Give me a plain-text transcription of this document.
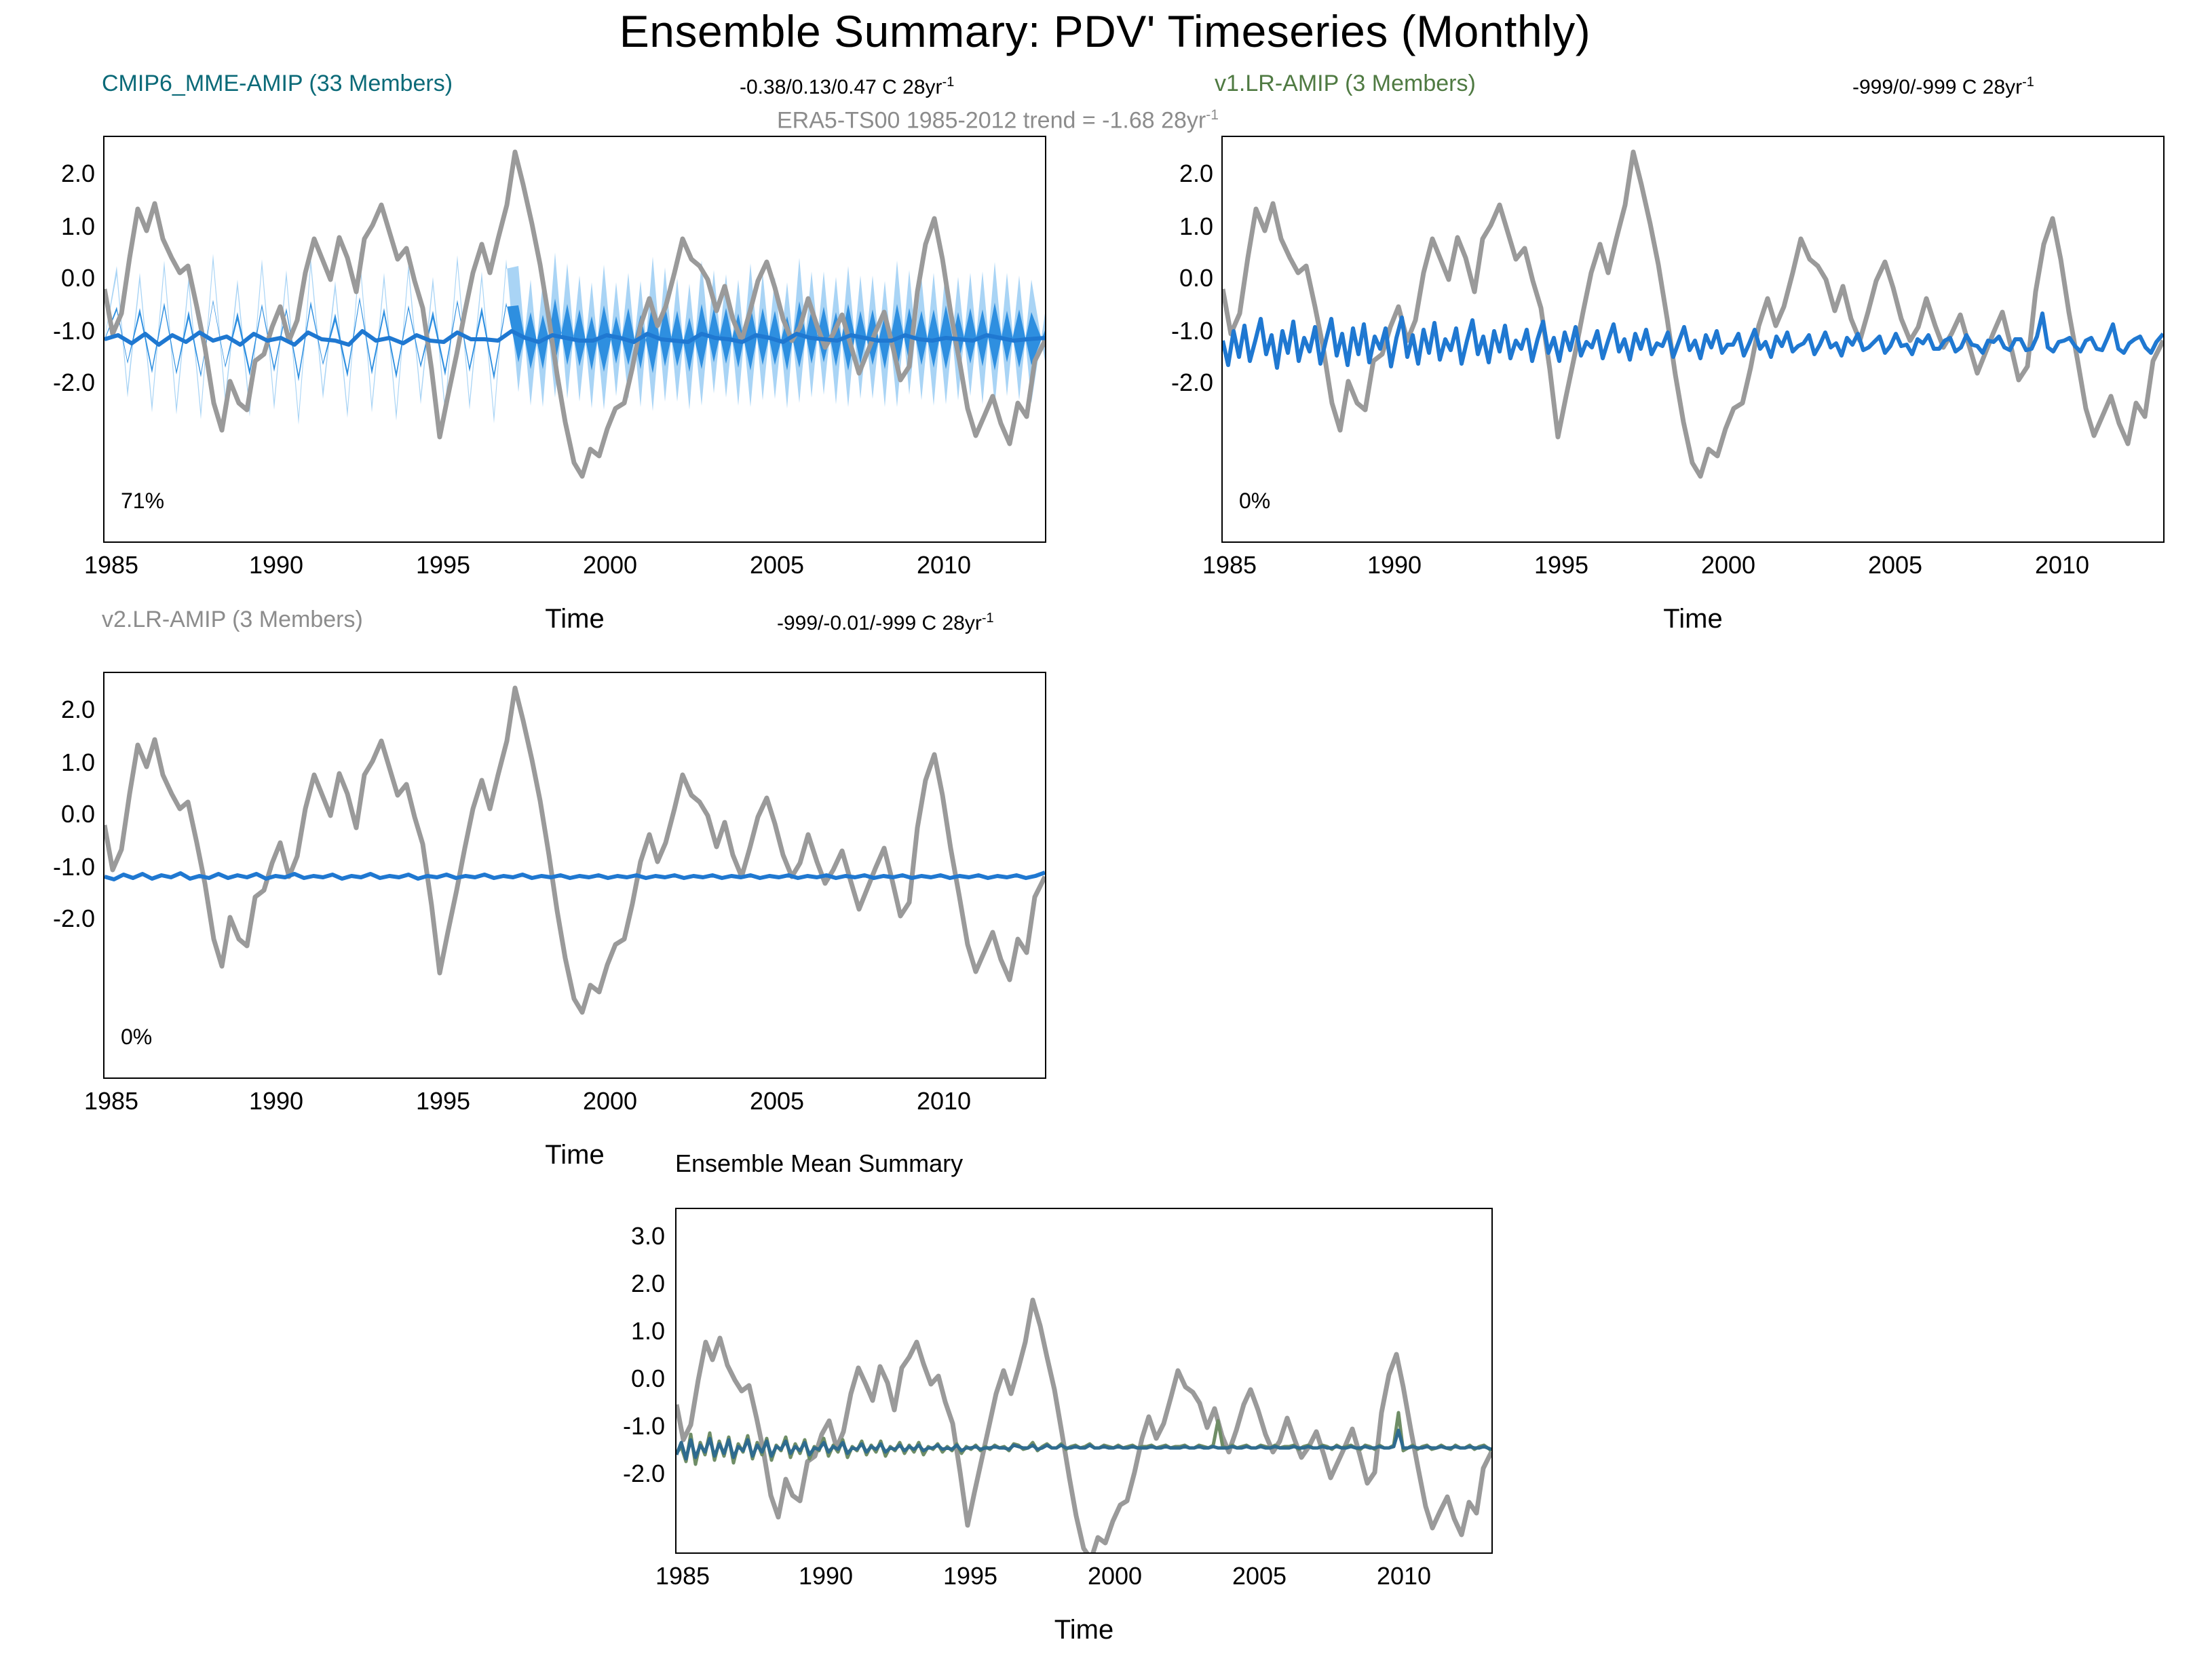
Ensemble Summary: PDV' Timeseries (Monthly)
CMIP6_MME-AMIP (33 Members)	-0.38/0.13/0.47 C $28yr^{-1}$
ERA5-TS00 1985-2012 trend = -1.68 $28yr^{-1}$
71%
2.0
1.0
0.0
-1.0
-2.0
1985	1990	1995	2000	2005	2010
Time
v1.LR-AMIP (3 Members)	-999/0/-999 C $28yr^{-1}$
0%
2.0
1.0
0.0
-1.0
-2.0
1985	1990	1995	2000	2005	2010
Time
v2.LR-AMIP (3 Members)	-999/-0.01/-999 C $28yr^{-1}$
0%
2.0
1.0
0.0
-1.0
-2.0
1985	1990	1995	2000	2005	2010
Time	Ensemble Mean Summary
3.0
2.0
1.0
0.0
-1.0
-2.0
1985	1990	1995	2000	2005	2010
Time
